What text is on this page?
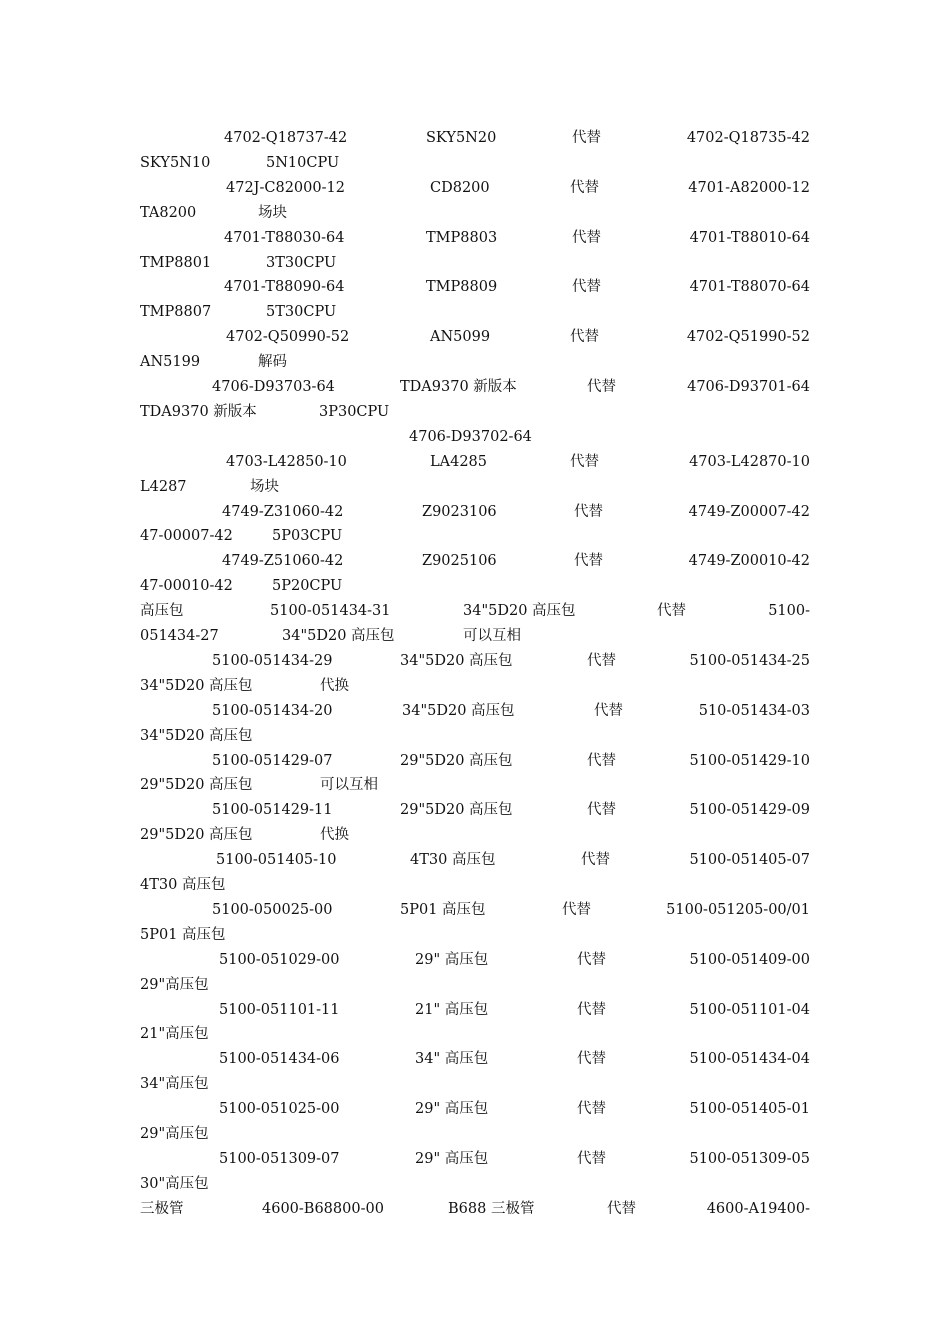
4702-Q18737-42	SKY5N20	代替	4702-Q18735-42
SKY5N10	5N10CPU
472J-C82000-12	CD8200	代替	4701-A82000-12
TA8200	场块
4701-T88030-64	TMP8803	代替	4701-T88010-64
TMP8801	3T30CPU
4701-T88090-64	TMP8809	代替	4701-T88070-64
TMP8807	5T30CPU
4702-Q50990-52	AN5099	代替	4702-Q51990-52
AN5199	解码
4706-D93703-64	TDA9370 新版本	代替	4706-D93701-64
TDA9370 新版本	3P30CPU
4706-D93702-64
4703-L42850-10	LA4285	代替	4703-L42870-10
L4287	场块
4749-Z31060-42	Z9023106	代替	4749-Z00007-42
47-00007-42	5P03CPU
4749-Z51060-42	Z9025106	代替	4749-Z00010-42
47-00010-42	5P20CPU
高压包	5100-051434-31	34"5D20 高压包	代替	5100-
051434-27	34"5D20 高压包	可以互相
5100-051434-29	34"5D20 高压包	代替	5100-051434-25
34"5D20 高压包	代换
5100-051434-20	34"5D20 高压包	代替	510-051434-03
34"5D20 高压包
5100-051429-07	29"5D20 高压包	代替	5100-051429-10
29"5D20 高压包	可以互相
5100-051429-11	29"5D20 高压包	代替	5100-051429-09
29"5D20 高压包	代换
5100-051405-10	4T30 高压包	代替	5100-051405-07
4T30 高压包
5100-050025-00	5P01 高压包	代替	5100-051205-00/01
5P01 高压包
5100-051029-00	29" 高压包	代替	5100-051409-00
29"高压包
5100-051101-11	21" 高压包	代替	5100-051101-04
21"高压包
5100-051434-06	34" 高压包	代替	5100-051434-04
34"高压包
5100-051025-00	29" 高压包	代替	5100-051405-01
29"高压包
5100-051309-07	29" 高压包	代替	5100-051309-05
30"高压包
三极管	4600-B68800-00	B688 三极管	代替	4600-A19400-
